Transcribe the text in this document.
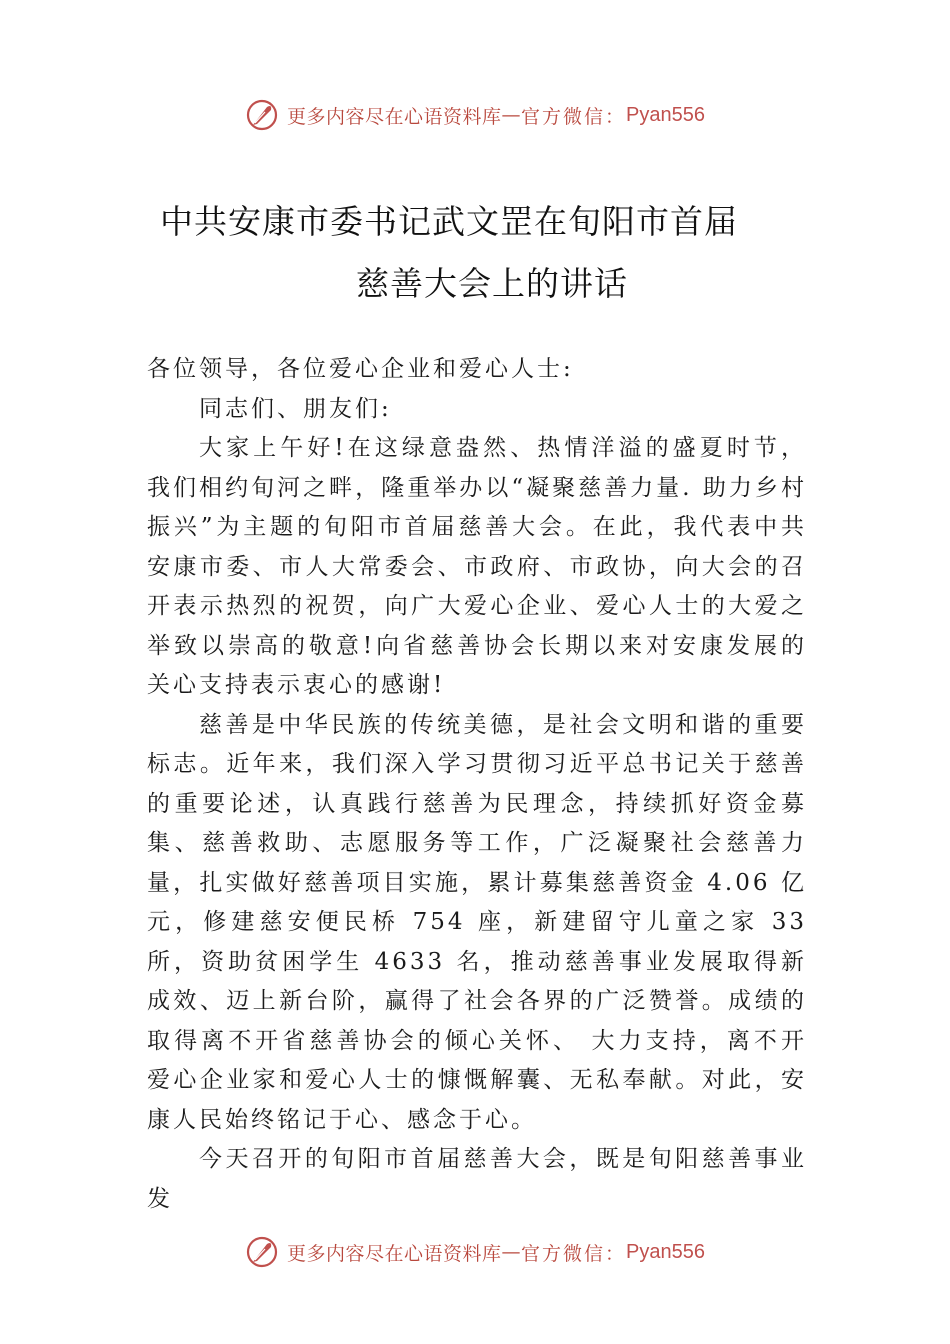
更多内容尽在心语资料库 — 官方微信： Pyan556
中共安康市委书记武文罡在旬阳市首届
慈善大会上的讲话

各位领导，各位爱心企业和爱心人士:

同志们、朋友们:

大家上午好!在这绿意盎然、热情洋溢的盛夏时节，我们相约旬河之畔，隆重举办以“凝聚慈善力量. 助力乡村振兴”为主题的旬阳市首届慈善大会。在此，我代表中共安康市委、市人大常委会、市政府、市政协，向大会的召开表示热烈的祝贺，向广大爱心企业、爱心人士的大爱之举致以崇高的敬意!向省慈善协会长期以来对安康发展的关心支持表示衷心的感谢!

慈善是中华民族的传统美德，是社会文明和谐的重要标志。近年来，我们深入学习贯彻习近平总书记关于慈善的重要论述，认真践行慈善为民理念，持续抓好资金募集、慈善救助、志愿服务等工作，广泛凝聚社会慈善力量，扎实做好慈善项目实施，累计募集慈善资金 4.06 亿元，修建慈安便民桥 754 座，新建留守儿童之家 33 所，资助贫困学生 4633 名，推动慈善事业发展取得新成效、迈上新台阶，赢得了社会各界的广泛赞誉。成绩的取得离不开省慈善协会的倾心关怀、 大力支持，离不开爱心企业家和爱心人士的慷慨解囊、无私奉献。对此，安康人民始终铭记于心、感念于心。

今天召开的旬阳市首届慈善大会，既是旬阳慈善事业发

更多内容尽在心语资料库 — 官方微信： Pyan556
